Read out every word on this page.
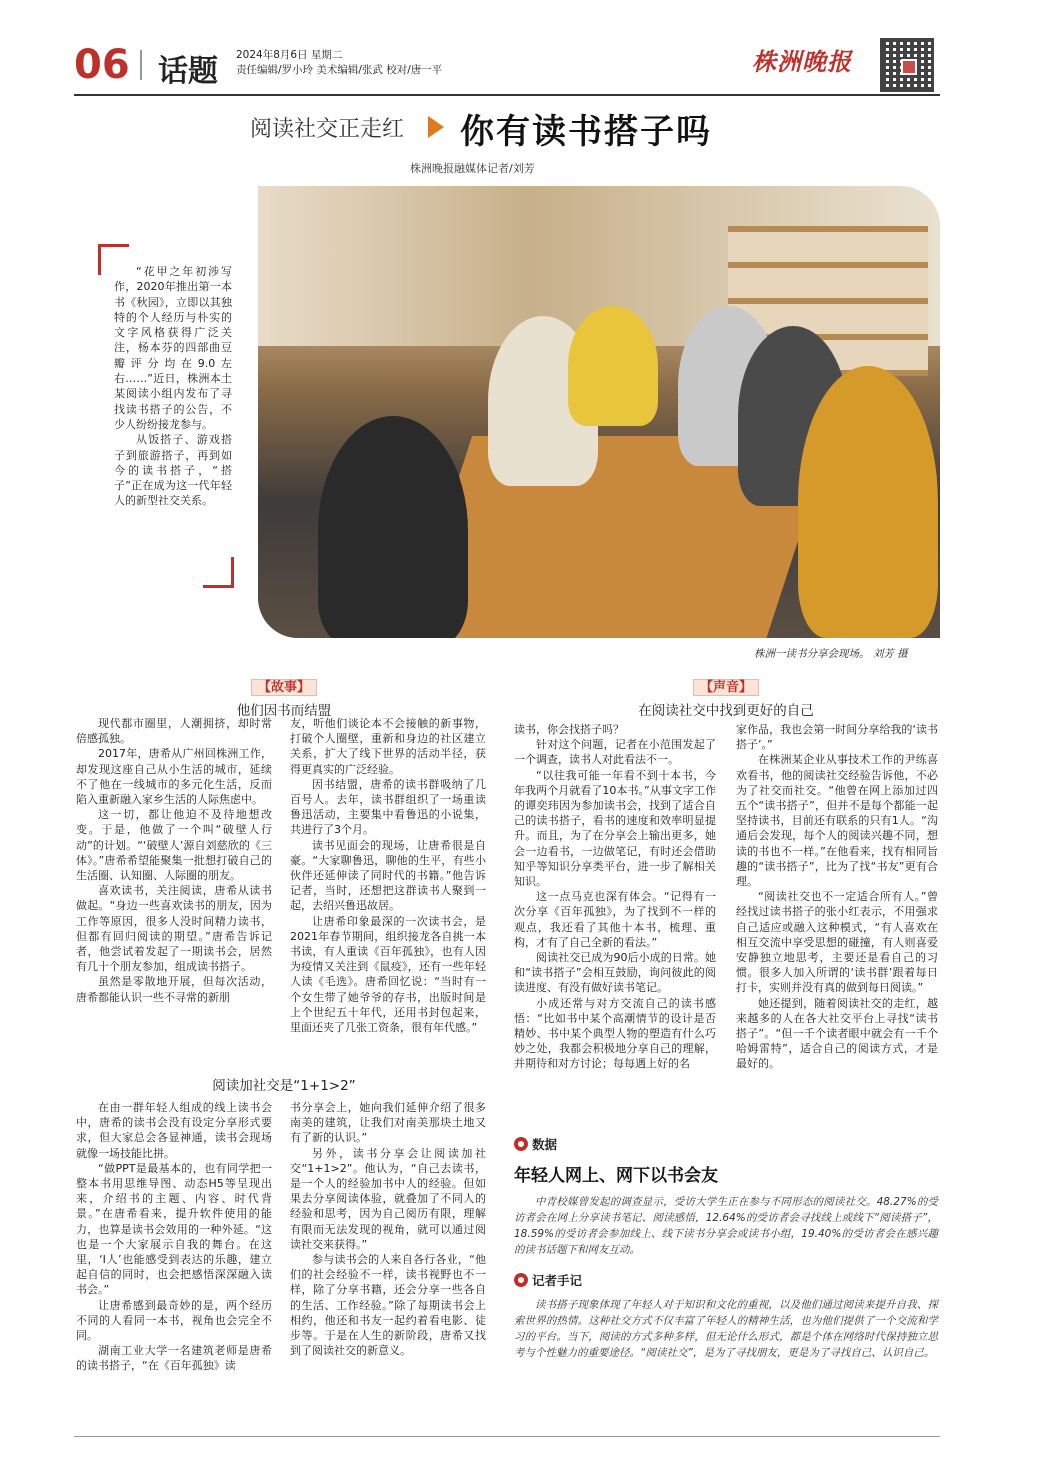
06 话题 2024年8月6日 星期二
责任编辑/罗小玲 美术编辑/张武 校对/唐一平	株洲晚报
阅读社交正走红 你有读书搭子吗
株洲晚报融媒体记者/刘芳
株洲一读书分享会现场。 刘芳 摄
“花甲之年初涉写作，2020年推出第一本书《秋园》，立即以其独特的个人经历与朴实的文字风格获得广泛关注，杨本芬的四部曲豆瓣评分均在9.0左右……”近日，株洲本土某阅读小组内发布了寻找读书搭子的公告，不少人纷纷接龙参与。
从饭搭子、游戏搭子到旅游搭子，再到如今的读书搭子，“搭子”正在成为这一代年轻人的新型社交关系。
【故事】
他们因书而结盟

现代都市圈里，人潮拥挤，却时常倍感孤独。

2017年，唐希从广州回株洲工作，却发现这座自己从小生活的城市，延续不了他在一线城市的多元化生活，反而陷入重新融入家乡生活的人际焦虑中。

这一切，都让他迫不及待地想改变。于是，他做了一个叫“破壁人行动”的计划。“‘破壁人’源自刘慈欣的《三体》。”唐希希望能聚集一批想打破自己的生活圈、认知圈、人际圈的朋友。

喜欢读书，关注阅读，唐希从读书做起。“身边一些喜欢读书的朋友，因为工作等原因，很多人没时间精力读书，但都有回归阅读的期望。”唐希告诉记者，他尝试着发起了一期读书会，居然有几十个朋友参加，组成读书搭子。

虽然是零散地开展，但每次活动，唐希都能认识一些不寻常的新朋

友，听他们谈论本不会接触的新事物，打破个人圈壁，重新和身边的社区建立关系，扩大了线下世界的活动半径，获得更真实的广泛经验。

因书结盟，唐希的读书群吸纳了几百号人。去年，读书群组织了一场重读鲁迅活动，主要集中看鲁迅的小说集，共进行了3个月。

读书见面会的现场，让唐希很是自豪。“大家聊鲁迅，聊他的生平，有些小伙伴还延伸读了同时代的书籍。”他告诉记者，当时，还想把这群读书人聚到一起，去绍兴鲁迅故居。

让唐希印象最深的一次读书会，是2021年春节期间，组织接龙各自挑一本书读，有人重读《百年孤独》，也有人因为疫情又关注到《鼠疫》，还有一些年轻人读《毛选》。唐希回忆说：“当时有一个女生带了她爷爷的存书，出版时间是上个世纪五十年代，还用书封包起来，里面还夹了几张工资条，很有年代感。”

阅读加社交是“1+1>2”

在由一群年轻人组成的线上读书会中，唐希的读书会没有设定分享形式要求，但大家总会各显神通，读书会现场就像一场技能比拼。

“做PPT是最基本的，也有同学把一整本书用思维导图、动态H5等呈现出来，介绍书的主题、内容、时代背景。”在唐希看来，提升软件使用的能力，也算是读书会效用的一种外延。“这也是一个大家展示自我的舞台。在这里，‘I人’也能感受到表达的乐趣，建立起自信的同时，也会把感悟深深融入读书会。”

让唐希感到最奇妙的是，两个经历不同的人看同一本书，视角也会完全不同。

湖南工业大学一名建筑老师是唐希的读书搭子，“在《百年孤独》读

书分享会上，她向我们延伸介绍了很多南美的建筑，让我们对南美那块土地又有了新的认识。”

另外，读书分享会让阅读加社交“1+1>2”。他认为，“自己去读书，是一个人的经验加书中人的经验。但如果去分享阅读体验，就叠加了不同人的经验和思考，因为自己阅历有限，理解有限而无法发现的视角，就可以通过阅读社交来获得。”

参与读书会的人来自各行各业，“他们的社会经验不一样，读书视野也不一样，除了分享书籍，还会分享一些各自的生活、工作经验。”除了每期读书会上相约，他还和书友一起约着看电影、徒步等。于是在人生的新阶段，唐希又找到了阅读社交的新意义。

【声音】
在阅读社交中找到更好的自己

读书，你会找搭子吗？

针对这个问题，记者在小范围发起了一个调查，读书人对此看法不一。

“以往我可能一年看不到十本书，今年我两个月就看了10本书。”从事文字工作的谭奕玮因为参加读书会，找到了适合自己的读书搭子，看书的速度和效率明显提升。而且，为了在分享会上输出更多，她会一边看书，一边做笔记，有时还会借助知乎等知识分享类平台，进一步了解相关知识。

这一点马克也深有体会。“记得有一次分享《百年孤独》，为了找到不一样的观点，我还看了其他十本书，梳理、重构，才有了自己全新的看法。”

阅读社交已成为90后小成的日常。她和“读书搭子”会相互鼓励，询问彼此的阅读进度、有没有做好读书笔记。

小成还常与对方交流自己的读书感悟：“比如书中某个高潮情节的设计是否精妙、书中某个典型人物的塑造有什么巧妙之处，我都会积极地分享自己的理解，并期待和对方讨论；每每遇上好的名

家作品，我也会第一时间分享给我的‘读书搭子’。”

在株洲某企业从事技术工作的尹练喜欢看书，他的阅读社交经验告诉他，不必为了社交而社交。“他曾在网上添加过四五个“读书搭子”，但并不是每个都能一起坚持读书，目前还有联系的只有1人。“沟通后会发现，每个人的阅读兴趣不同，想读的书也不一样。”在他看来，找有相同旨趣的“读书搭子”，比为了找“书友”更有合理。

“阅读社交也不一定适合所有人。”曾经找过读书搭子的张小红表示，不用强求自己适应或融入这种模式，“有人喜欢在相互交流中享受思想的碰撞，有人则喜爱安静独立地思考，主要还是看自己的习惯。很多人加入所谓的‘读书群’跟着每日打卡，实则并没有真的做到每日阅读。”

她还提到，随着阅读社交的走红，越来越多的人在各大社交平台上寻找“读书搭子”。“但一千个读者眼中就会有一千个哈姆雷特”，适合自己的阅读方式，才是最好的。

数据
年轻人网上、网下以书会友
中青校媒曾发起的调查显示，受访大学生正在参与不同形态的阅读社交。48.27%的受访者会在网上分享读书笔记、阅读感悟，12.64%的受访者会寻找线上或线下“阅读搭子”，18.59%的受访者会参加线上、线下读书分享会或读书小组，19.40%的受访者会在感兴趣的读书话题下和网友互动。
记者手记
读书搭子现象体现了年轻人对于知识和文化的重视，以及他们通过阅读来提升自我、探索世界的热情。这种社交方式不仅丰富了年轻人的精神生活，也为他们提供了一个交流和学习的平台。当下，阅读的方式多种多样，但无论什么形式，都是个体在网络时代保持独立思考与个性魅力的重要途径。“阅读社交”，是为了寻找朋友，更是为了寻找自己、认识自己。
